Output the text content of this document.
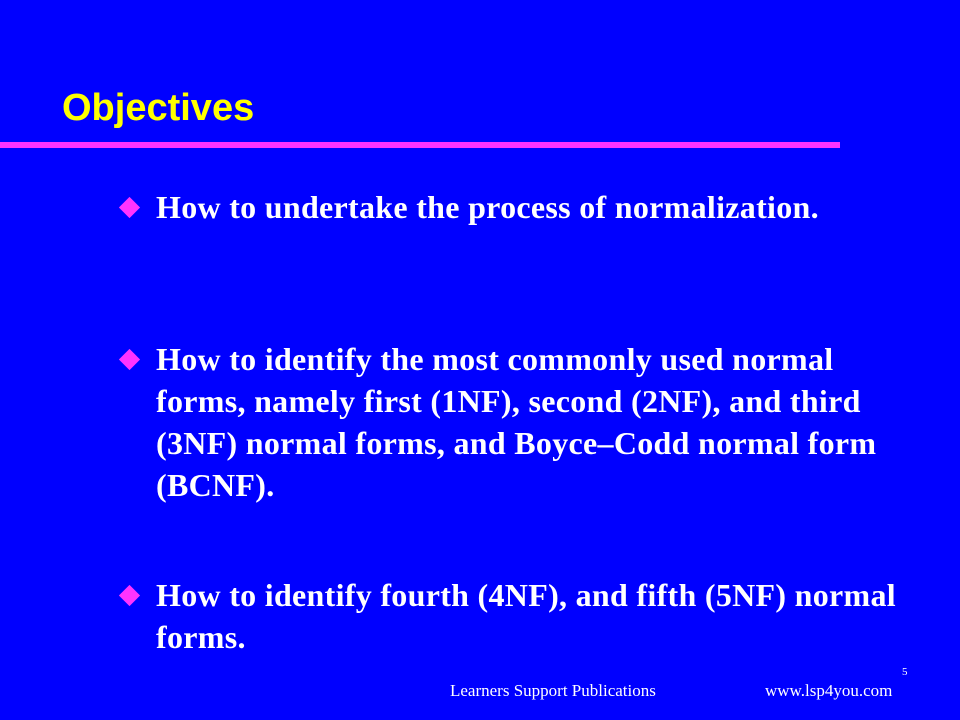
Objectives
How to undertake the process of normalization.
How to identify the most commonly used normal forms, namely first (1NF), second (2NF), and third (3NF) normal forms, and Boyce–Codd normal form (BCNF).
How to identify fourth (4NF), and fifth (5NF) normal forms.
5
Learners Support Publications	www.lsp4you.com
